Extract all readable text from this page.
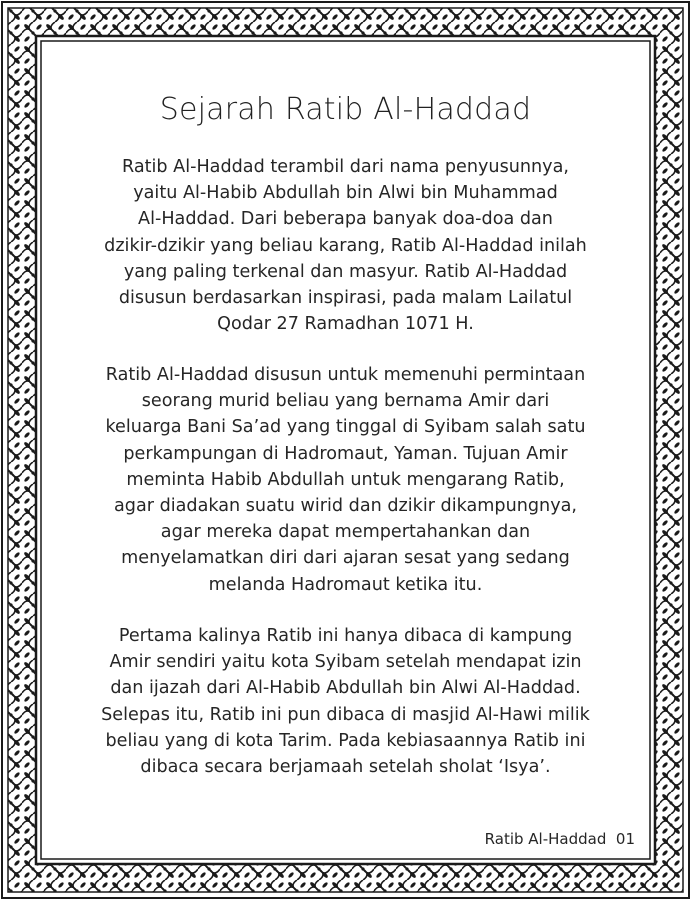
Sejarah Ratib Al-Haddad

Ratib Al-Haddad terambil dari nama penyusunnya,
yaitu Al-Habib Abdullah bin Alwi bin Muhammad
Al-Haddad. Dari beberapa banyak doa-doa dan
dzikir-dzikir yang beliau karang, Ratib Al-Haddad inilah
yang paling terkenal dan masyur. Ratib Al-Haddad
disusun berdasarkan inspirasi, pada malam Lailatul
Qodar 27 Ramadhan 1071 H.

Ratib Al-Haddad disusun untuk memenuhi permintaan
seorang murid beliau yang bernama Amir dari
keluarga Bani Sa’ad yang tinggal di Syibam salah satu
perkampungan di Hadromaut, Yaman. Tujuan Amir
meminta Habib Abdullah untuk mengarang Ratib,
agar diadakan suatu wirid dan dzikir dikampungnya,
agar mereka dapat mempertahankan dan
menyelamatkan diri dari ajaran sesat yang sedang
melanda Hadromaut ketika itu.

Pertama kalinya Ratib ini hanya dibaca di kampung
Amir sendiri yaitu kota Syibam setelah mendapat izin
dan ijazah dari Al-Habib Abdullah bin Alwi Al-Haddad.
Selepas itu, Ratib ini pun dibaca di masjid Al-Hawi milik
beliau yang di kota Tarim. Pada kebiasaannya Ratib ini
dibaca secara berjamaah setelah sholat ‘Isya’.

Ratib Al-Haddad  01
